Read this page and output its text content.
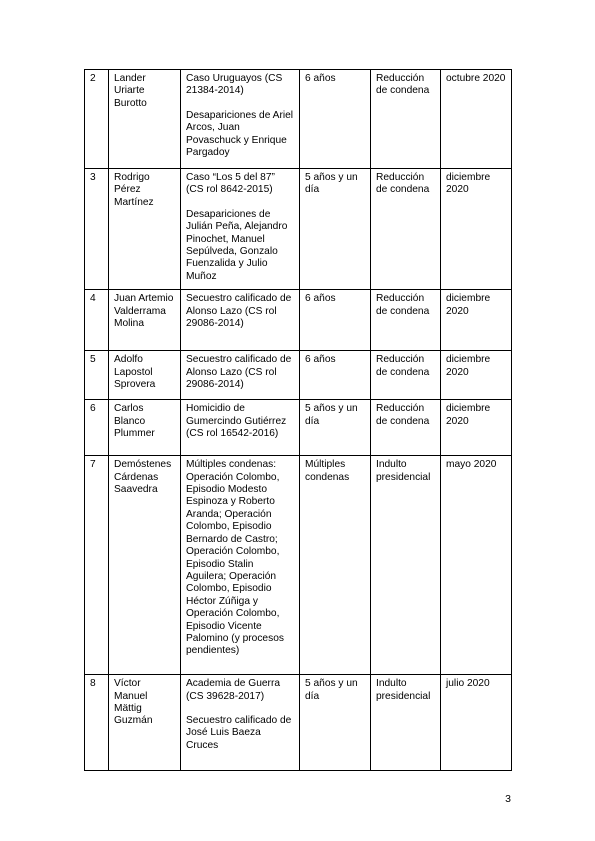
2	Lander Uriarte Burotto	Caso Uruguayos (CS 21384-2014)
Desapariciones de Ariel Arcos, Juan Povaschuck y Enrique Pargadoy	6 años	Reducción de condena	octubre 2020
3	Rodrigo Pérez Martínez	Caso “Los 5 del 87” (CS rol 8642-2015)
Desapariciones de Julián Peña, Alejandro Pinochet, Manuel Sepúlveda, Gonzalo Fuenzalida y Julio Muñoz	5 años y un día	Reducción de condena	diciembre 2020
4	Juan Artemio Valderrama Molina	Secuestro calificado de Alonso Lazo (CS rol 29086-2014)	6 años	Reducción de condena	diciembre 2020
5	Adolfo Lapostol Sprovera	Secuestro calificado de Alonso Lazo (CS rol 29086-2014)	6 años	Reducción de condena	diciembre 2020
6	Carlos Blanco Plummer	Homicidio de Gumercindo Gutiérrez (CS rol 16542-2016)	5 años y un día	Reducción de condena	diciembre 2020
7	Demóstenes Cárdenas Saavedra	Múltiples condenas: Operación Colombo, Episodio Modesto Espinoza y Roberto Aranda; Operación Colombo, Episodio Bernardo de Castro; Operación Colombo, Episodio Stalin Aguilera; Operación Colombo, Episodio Héctor Zúñiga y Operación Colombo, Episodio Vicente Palomino (y procesos pendientes)	Múltiples condenas	Indulto presidencial	mayo 2020
8	Víctor Manuel Mättig Guzmán	Academia de Guerra (CS 39628-2017)
Secuestro calificado de José Luis Baeza Cruces	5 años y un día	Indulto presidencial	julio 2020
3
